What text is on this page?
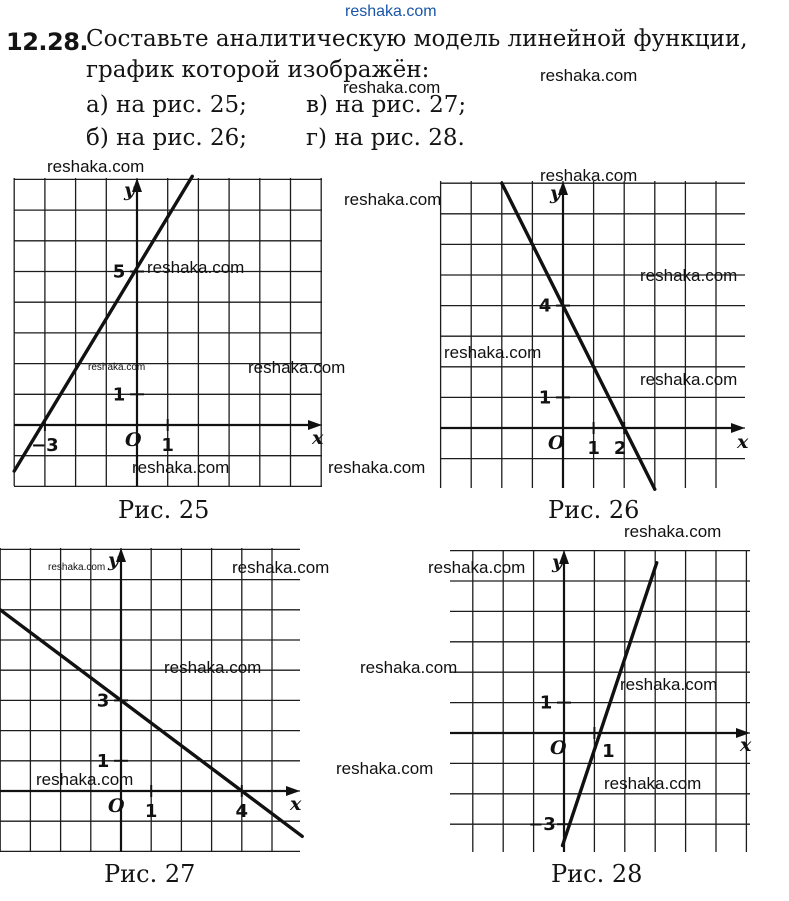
reshaka.com
12.28.
Составьте аналитическую модель линейной функции,
график которой изображён:
а) на рис. 25;	в) на рис. 27;
б) на рис. 26;	г) на рис. 28.
x
y
O
−3	1
1
5
x
y
O 1 2
1
4
x
y
O 1	4
1
3
x
y
O 1
1
−3
Рис. 25	Рис. 26
Рис. 27	Рис. 28
reshaka.com
reshaka.com
reshaka.com	reshaka.com
reshaka.com
reshaka.com	reshaka.com
reshaka.com
reshaka.com	reshaka.com
reshaka.com
reshaka.com	reshaka.com
reshaka.com
reshaka.com	reshaka.com	reshaka.com
reshaka.com	reshaka.com
reshaka.com
reshaka.com
reshaka.com
reshaka.com
